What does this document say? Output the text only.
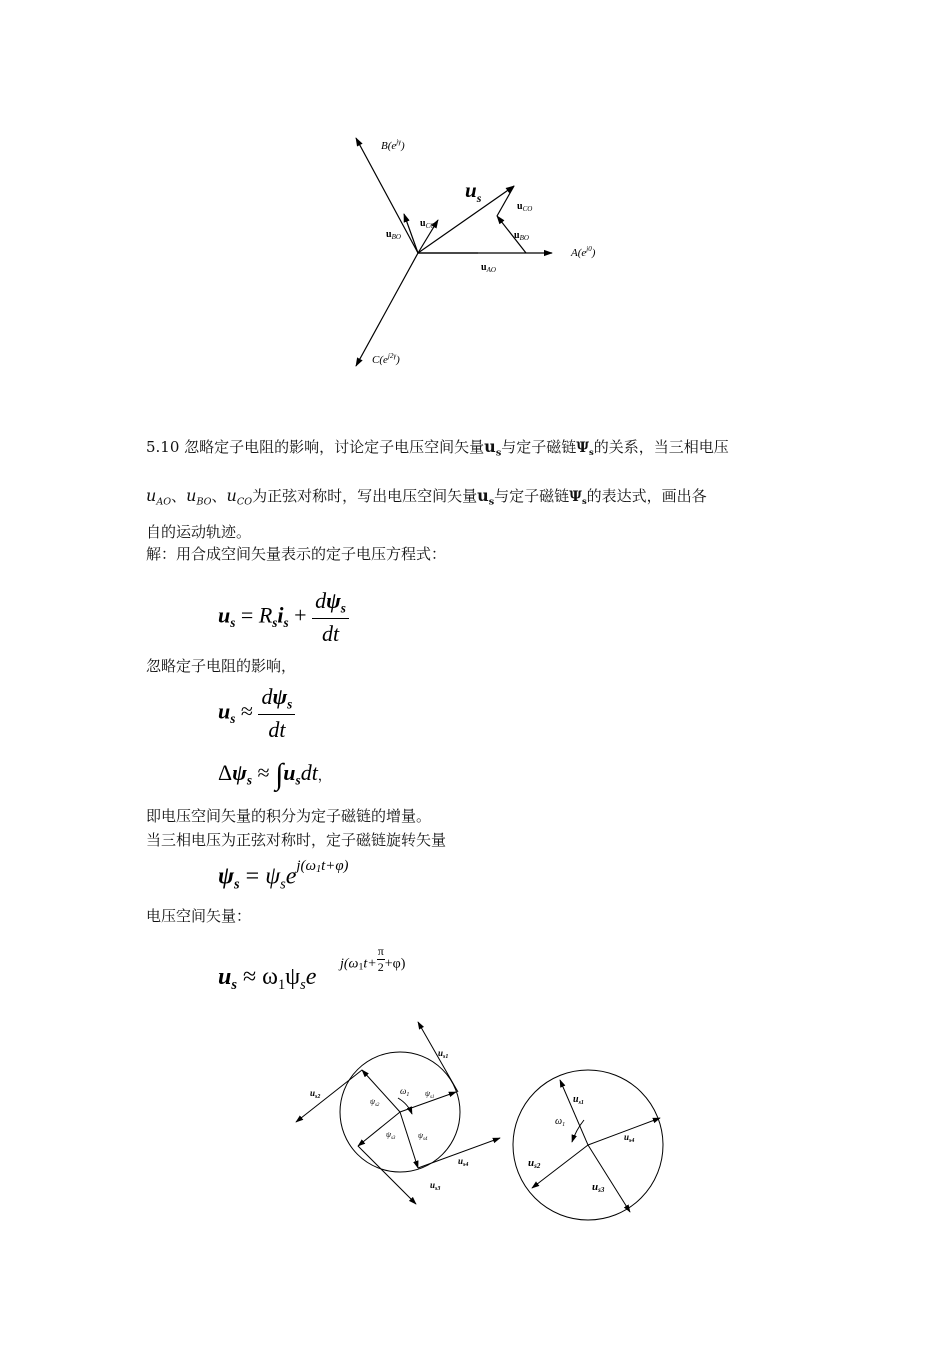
$B(e^{j\gamma})$
$A(e^{j0})$
$C(e^{j2\gamma})$
$u_s$
$u_{CO}$
$u_{BO}$
$u_{CO}$
$u_{BO}$
$u_{AO}$
5.10 忽略定子电阻的影响，讨论定子电压空间矢量$u_s$与定子磁链$\Psi_s$的关系，当三相电压
$u_{AO}$、$u_{BO}$、$u_{CO}$为正弦对称时，写出电压空间矢量$u_s$与定子磁链$\Psi_s$的表达式，画出各
自的运动轨迹。
解：用合成空间矢量表示的定子电压方程式：
$u_s = R_si_s + \frac{d\psi_s}{dt}$
忽略定子电阻的影响，
$u_s \approx \frac{d\psi_s}{dt}$
$\Delta\psi_s \approx \int u_sdt$，
即电压空间矢量的积分为定子磁链的增量。
当三相电压为正弦对称时，定子磁链旋转矢量
$\psi_s = \psi_se^{j(\omega 1t+\varphi)}$
电压空间矢量：
$u_s \approx \omega_1\psi_se$
$j(\omega 1t+ \frac{\pi}{2} +\varphi)$
$u_{s1}$
$u_{s2}$
$u_{s3}$
$u_{s4}$
$\psi_{s1}$
$\psi_{s2}$
$\psi_{s3}$	$\psi_{s4}$
$\omega_1$	$u_{s1}$
us2
us3
$u_{s4}$
$\omega_1$
